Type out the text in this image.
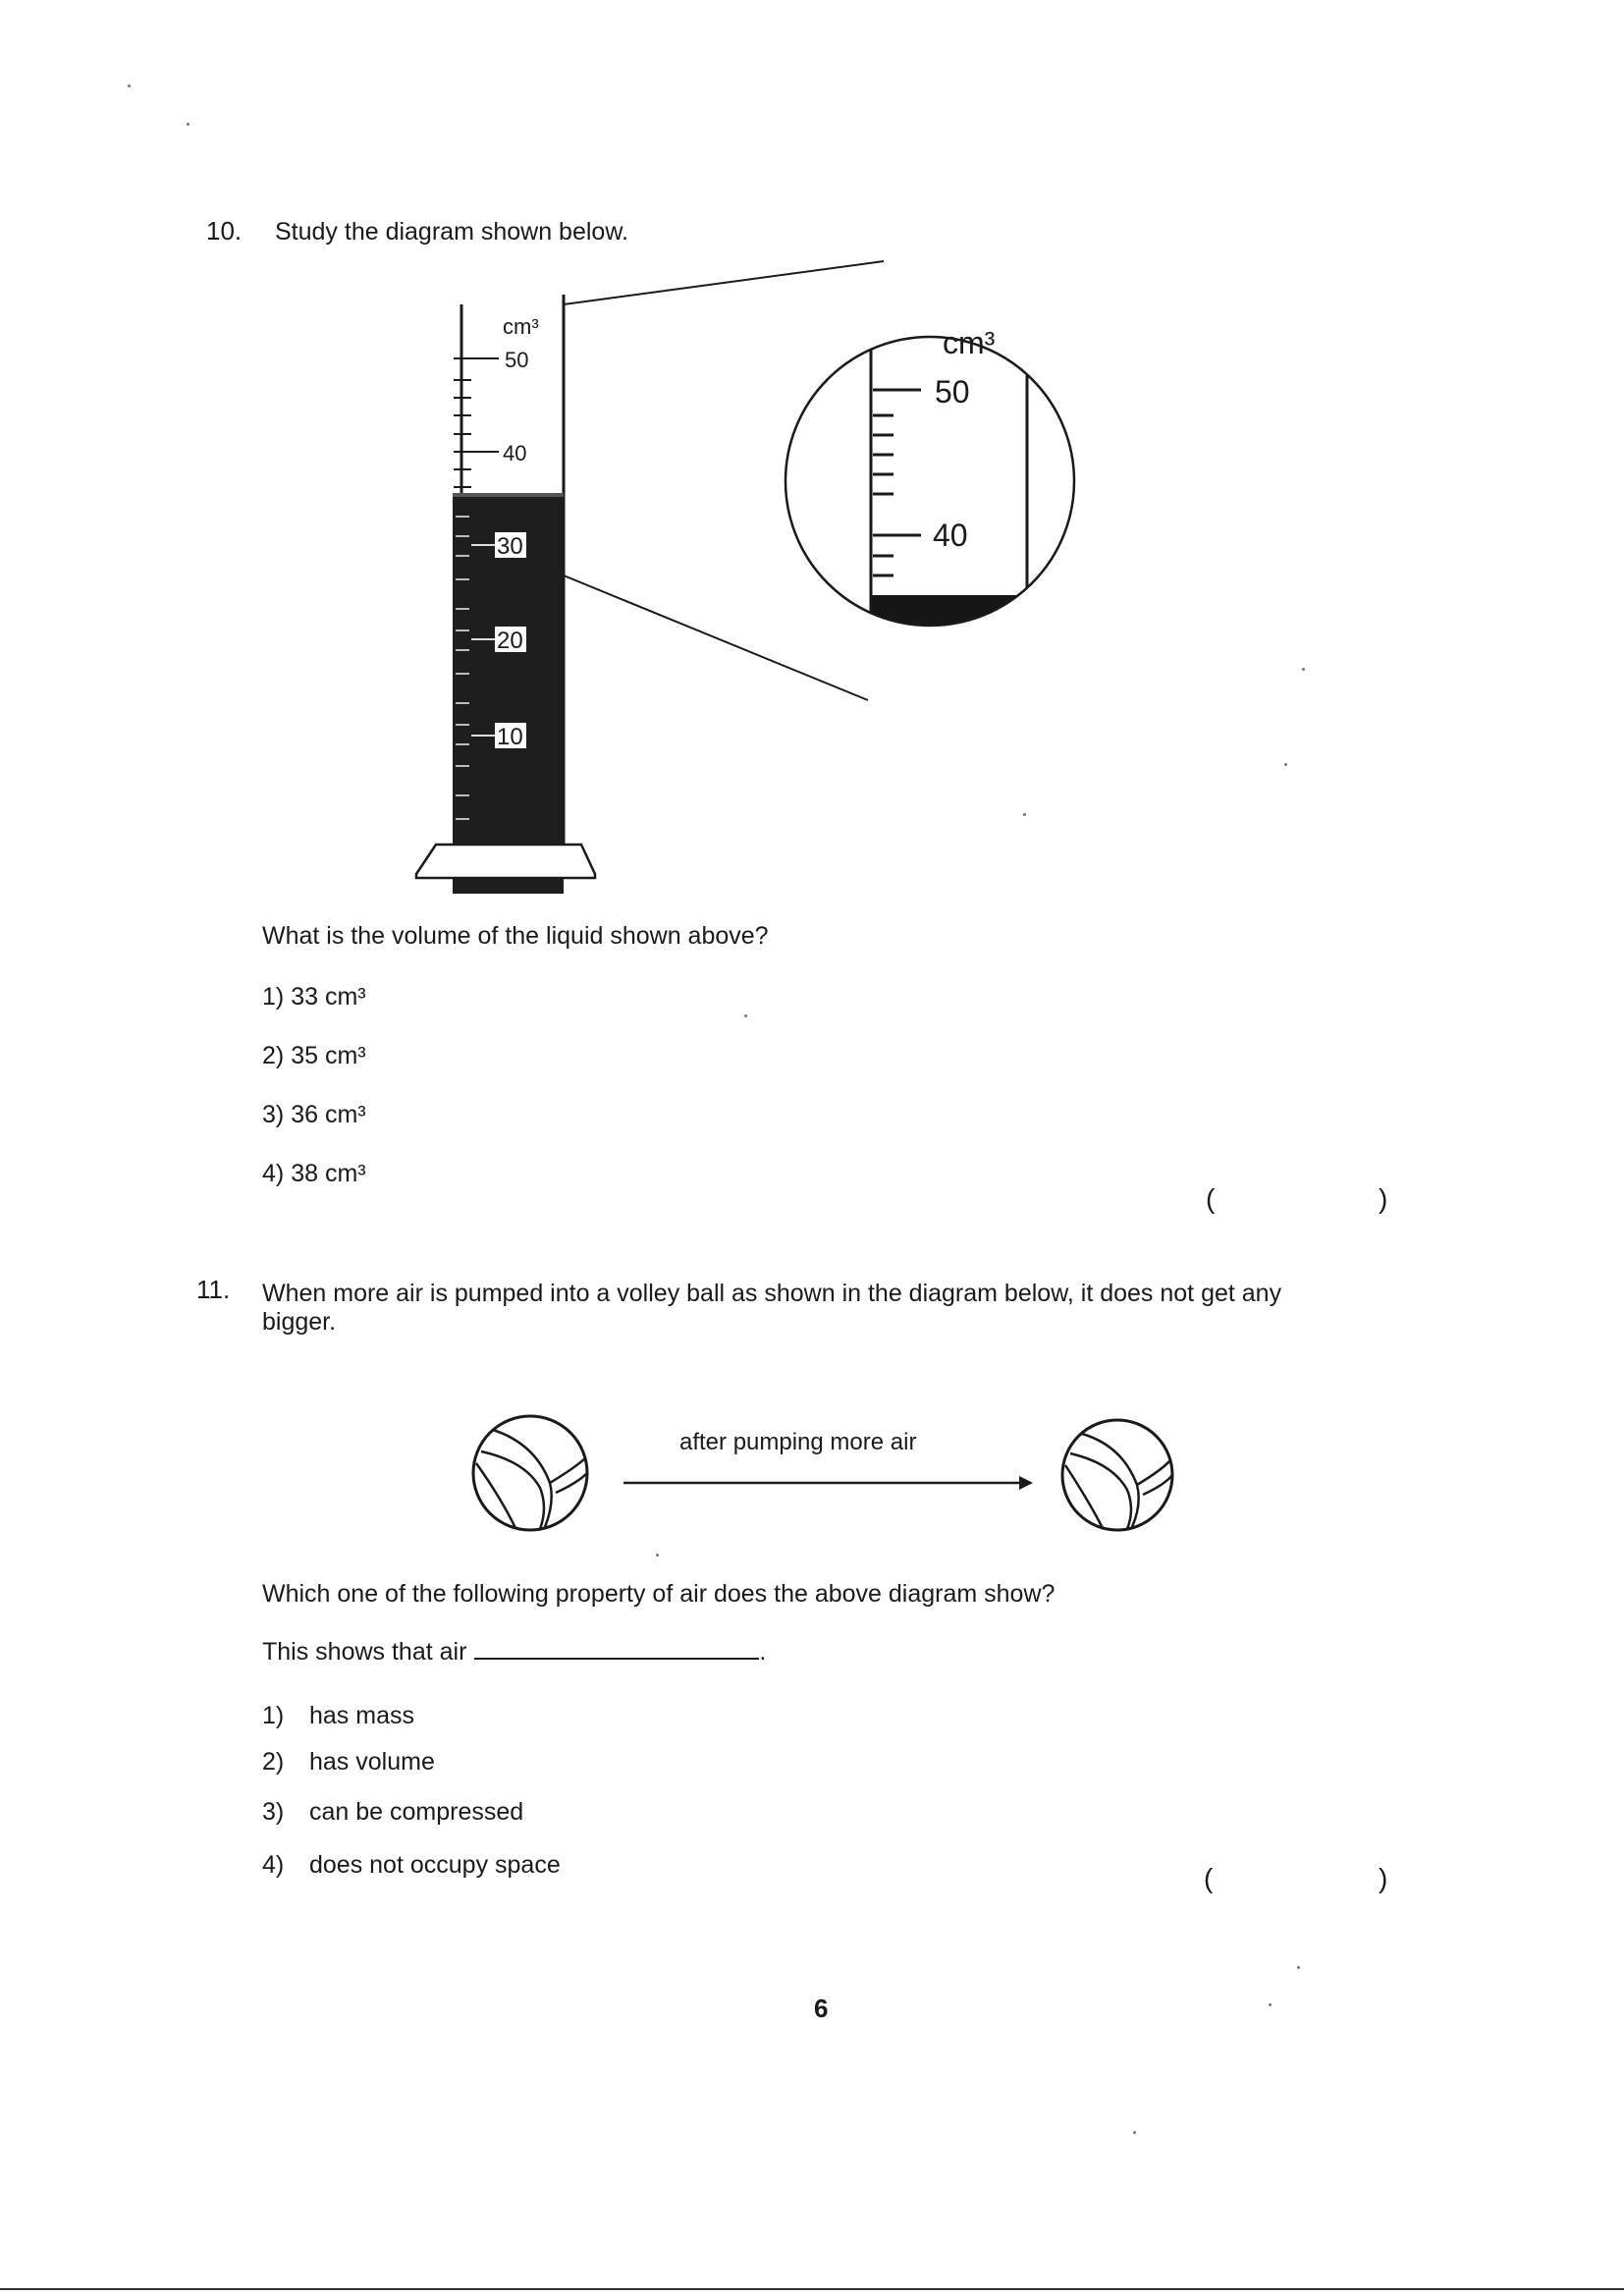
10. Study the diagram shown below.
cm³
50
40
30
20
10
cm³
50
40
What is the volume of the liquid shown above?
1) 33 cm³
2) 35 cm³
3) 36 cm³
4) 38 cm³
(	)
11. When more air is pumped into a volley ball as shown in the diagram below, it does not get any
bigger.
after pumping more air
Which one of the following property of air does the above diagram show?
This shows that air	.
1) has mass
2) has volume
3) can be compressed
4) does not occupy space	(	)
6
